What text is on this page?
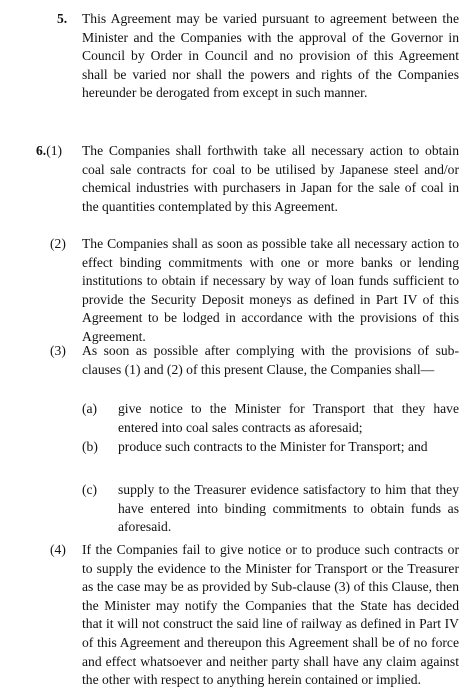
5. This Agreement may be varied pursuant to agreement between the Minister and the Companies with the approval of the Governor in Council by Order in Council and no provision of this Agreement shall be varied nor shall the powers and rights of the Companies hereunder be derogated from except in such manner.
6.(1) The Companies shall forthwith take all necessary action to obtain coal sale contracts for coal to be utilised by Japanese steel and/or chemical industries with purchasers in Japan for the sale of coal in the quantities contemplated by this Agreement.
(2) The Companies shall as soon as possible take all necessary action to effect binding commitments with one or more banks or lending institutions to obtain if necessary by way of loan funds sufficient to provide the Security Deposit moneys as defined in Part IV of this Agreement to be lodged in accordance with the provisions of this Agreement.
(3) As soon as possible after complying with the provisions of sub-clauses (1) and (2) of this present Clause, the Companies shall—
(a) give notice to the Minister for Transport that they have entered into coal sales contracts as aforesaid;
(b) produce such contracts to the Minister for Transport; and
(c) supply to the Treasurer evidence satisfactory to him that they have entered into binding commitments to obtain funds as aforesaid.
(4) If the Companies fail to give notice or to produce such contracts or to supply the evidence to the Minister for Transport or the Treasurer as the case may be as provided by Sub-clause (3) of this Clause, then the Minister may notify the Companies that the State has decided that it will not construct the said line of railway as defined in Part IV of this Agreement and thereupon this Agreement shall be of no force and effect whatsoever and neither party shall have any claim against the other with respect to anything herein contained or implied.
